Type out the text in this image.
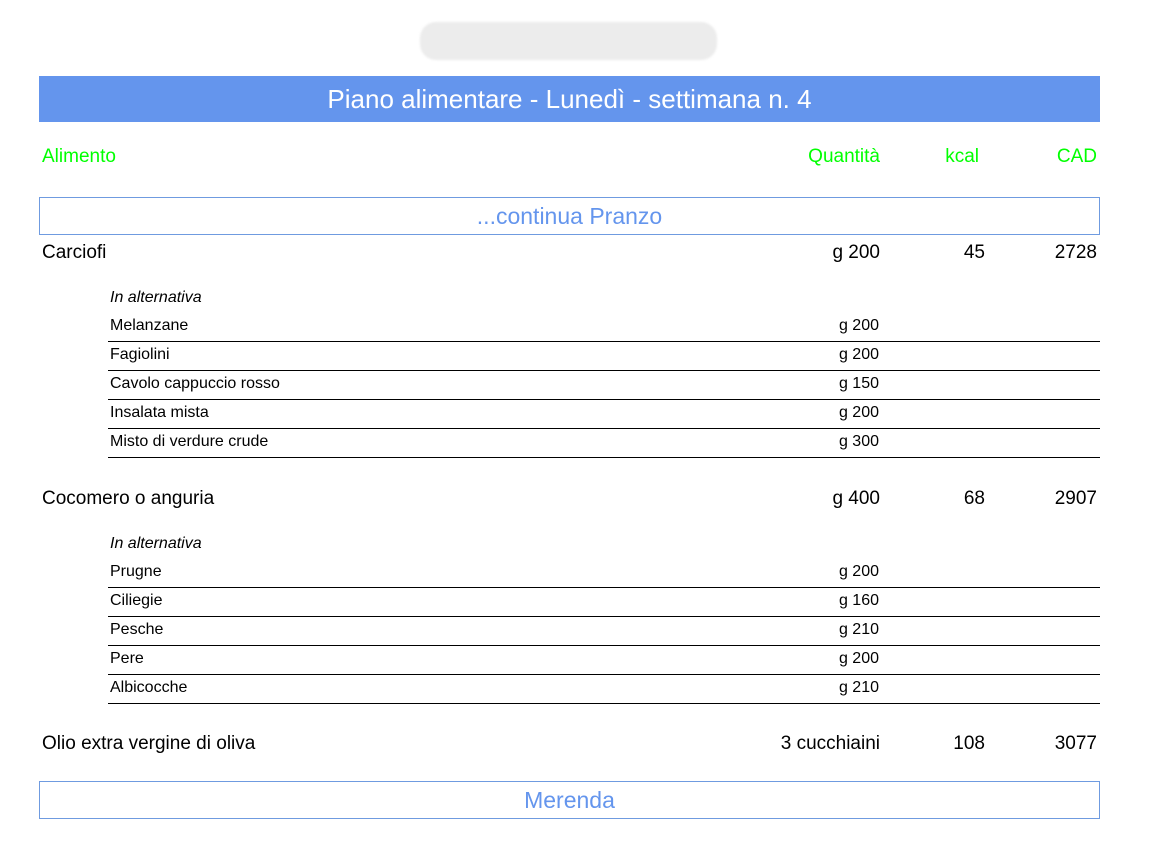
Piano alimentare - Lunedì - settimana n. 4
Alimento	Quantità	kcal	CAD
...continua Pranzo
Carciofi	g 200	45	2728
In alternativa
Melanzane	g 200
Fagiolini	g 200
Cavolo cappuccio rosso	g 150
Insalata mista	g 200
Misto di verdure crude	g 300
Cocomero o anguria	g 400	68	2907
In alternativa
Prugne	g 200
Ciliegie	g 160
Pesche	g 210
Pere	g 200
Albicocche	g 210
Olio extra vergine di oliva	3 cucchiaini	108	3077
Merenda
